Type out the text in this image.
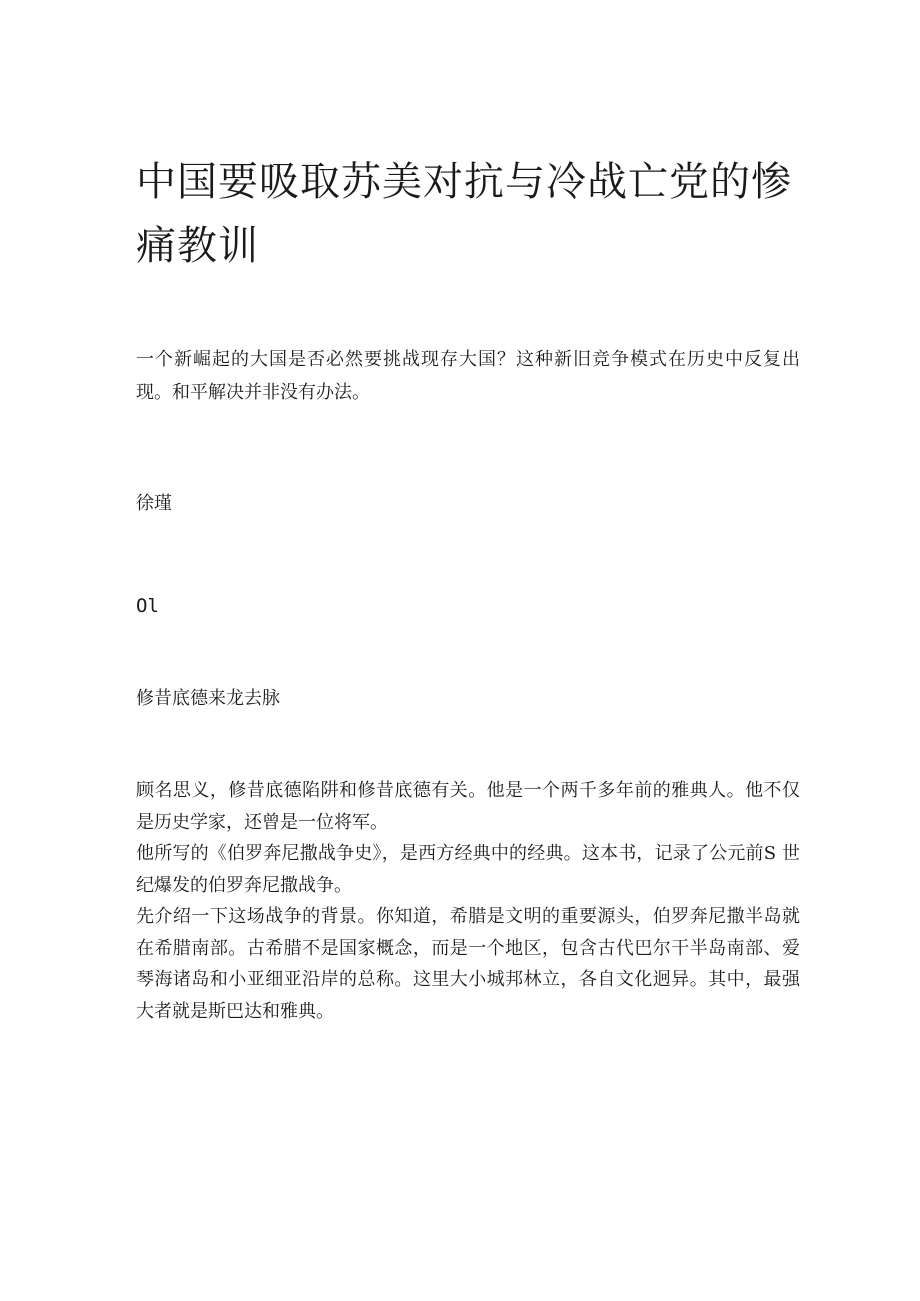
中国要吸取苏美对抗与冷战亡党的惨痛教训

一个新崛起的大国是否必然要挑战现存大国？这种新旧竞争模式在历史中反复出现。和平解决并非没有办法。

徐瑾

Ol

修昔底德来龙去脉

顾名思义，修昔底德陷阱和修昔底德有关。他是一个两千多年前的雅典人。他不仅是历史学家，还曾是一位将军。

他所写的《伯罗奔尼撒战争史》，是西方经典中的经典。这本书，记录了公元前S 世纪爆发的伯罗奔尼撒战争。

先介绍一下这场战争的背景。你知道，希腊是文明的重要源头，伯罗奔尼撒半岛就在希腊南部。古希腊不是国家概念，而是一个地区，包含古代巴尔干半岛南部、爱琴海诸岛和小亚细亚沿岸的总称。这里大小城邦林立，各自文化迥异。其中，最强大者就是斯巴达和雅典。
